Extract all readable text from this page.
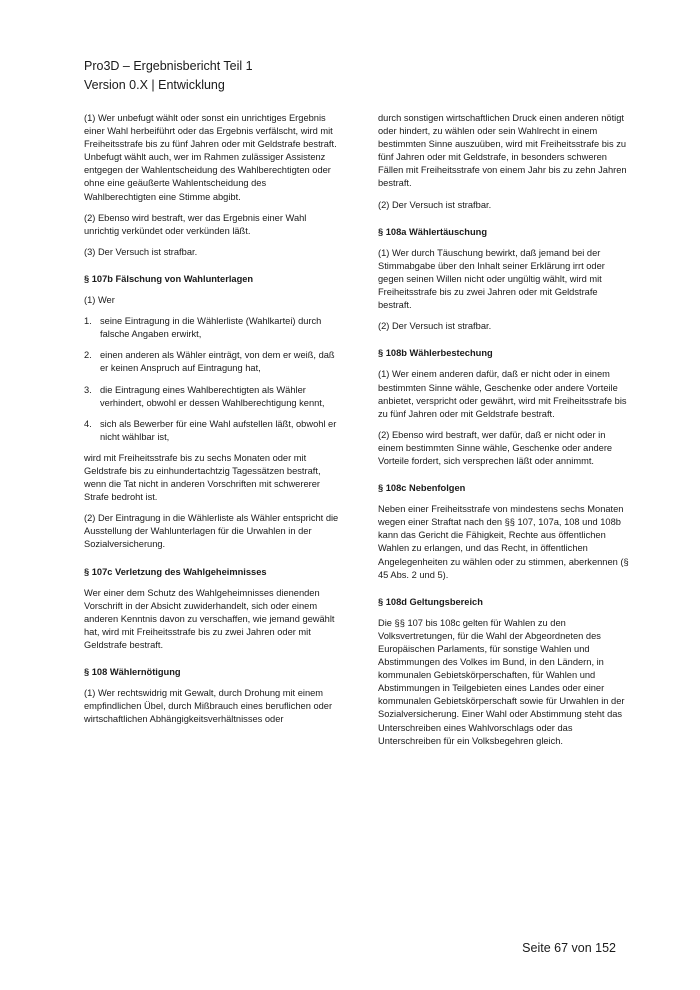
Pro3D – Ergebnisbericht Teil 1
Version 0.X | Entwicklung

(1) Wer unbefugt wählt oder sonst ein unrichtiges Ergebnis einer Wahl herbeiführt oder das Ergebnis verfälscht, wird mit Freiheitsstrafe bis zu fünf Jahren oder mit Geldstrafe bestraft. Unbefugt wählt auch, wer im Rahmen zulässiger Assistenz entgegen der Wahlentscheidung des Wahlberechtigten oder ohne eine geäußerte Wahlentscheidung des Wahlberechtigten eine Stimme abgibt.

(2) Ebenso wird bestraft, wer das Ergebnis einer Wahl unrichtig verkündet oder verkünden läßt.

(3) Der Versuch ist strafbar.

§ 107b Fälschung von Wahlunterlagen

(1) Wer

1. seine Eintragung in die Wählerliste (Wahlkartei) durch falsche Angaben erwirkt,
2. einen anderen als Wähler einträgt, von dem er weiß, daß er keinen Anspruch auf Eintragung hat,
3. die Eintragung eines Wahlberechtigten als Wähler verhindert, obwohl er dessen Wahlberechtigung kennt,
4. sich als Bewerber für eine Wahl aufstellen läßt, obwohl er nicht wählbar ist,

wird mit Freiheitsstrafe bis zu sechs Monaten oder mit Geldstrafe bis zu einhundertachtzig Tagessätzen bestraft, wenn die Tat nicht in anderen Vorschriften mit schwererer Strafe bedroht ist.

(2) Der Eintragung in die Wählerliste als Wähler entspricht die Ausstellung der Wahlunterlagen für die Urwahlen in der Sozialversicherung.

§ 107c Verletzung des Wahlgeheimnisses

Wer einer dem Schutz des Wahlgeheimnisses dienenden Vorschrift in der Absicht zuwiderhandelt, sich oder einem anderen Kenntnis davon zu verschaffen, wie jemand gewählt hat, wird mit Freiheitsstrafe bis zu zwei Jahren oder mit Geldstrafe bestraft.

§ 108 Wählernötigung

(1) Wer rechtswidrig mit Gewalt, durch Drohung mit einem empfindlichen Übel, durch Mißbrauch eines beruflichen oder wirtschaftlichen Abhängigkeitsverhältnisses oder

durch sonstigen wirtschaftlichen Druck einen anderen nötigt oder hindert, zu wählen oder sein Wahlrecht in einem bestimmten Sinne auszuüben, wird mit Freiheitsstrafe bis zu fünf Jahren oder mit Geldstrafe, in besonders schweren Fällen mit Freiheitsstrafe von einem Jahr bis zu zehn Jahren bestraft.

(2) Der Versuch ist strafbar.

§ 108a Wählertäuschung

(1) Wer durch Täuschung bewirkt, daß jemand bei der Stimmabgabe über den Inhalt seiner Erklärung irrt oder gegen seinen Willen nicht oder ungültig wählt, wird mit Freiheitsstrafe bis zu zwei Jahren oder mit Geldstrafe bestraft.

(2) Der Versuch ist strafbar.

§ 108b Wählerbestechung

(1) Wer einem anderen dafür, daß er nicht oder in einem bestimmten Sinne wähle, Geschenke oder andere Vorteile anbietet, verspricht oder gewährt, wird mit Freiheitsstrafe bis zu fünf Jahren oder mit Geldstrafe bestraft.

(2) Ebenso wird bestraft, wer dafür, daß er nicht oder in einem bestimmten Sinne wähle, Geschenke oder andere Vorteile fordert, sich versprechen läßt oder annimmt.

§ 108c Nebenfolgen

Neben einer Freiheitsstrafe von mindestens sechs Monaten wegen einer Straftat nach den §§ 107, 107a, 108 und 108b kann das Gericht die Fähigkeit, Rechte aus öffentlichen Wahlen zu erlangen, und das Recht, in öffentlichen Angelegenheiten zu wählen oder zu stimmen, aberkennen (§ 45 Abs. 2 und 5).

§ 108d Geltungsbereich

Die §§ 107 bis 108c gelten für Wahlen zu den Volksvertretungen, für die Wahl der Abgeordneten des Europäischen Parlaments, für sonstige Wahlen und Abstimmungen des Volkes im Bund, in den Ländern, in kommunalen Gebietskörperschaften, für Wahlen und Abstimmungen in Teilgebieten eines Landes oder einer kommunalen Gebietskörperschaft sowie für Urwahlen in der Sozialversicherung. Einer Wahl oder Abstimmung steht das Unterschreiben eines Wahlvorschlags oder das Unterschreiben für ein Volksbegehren gleich.

Seite 67 von 152
